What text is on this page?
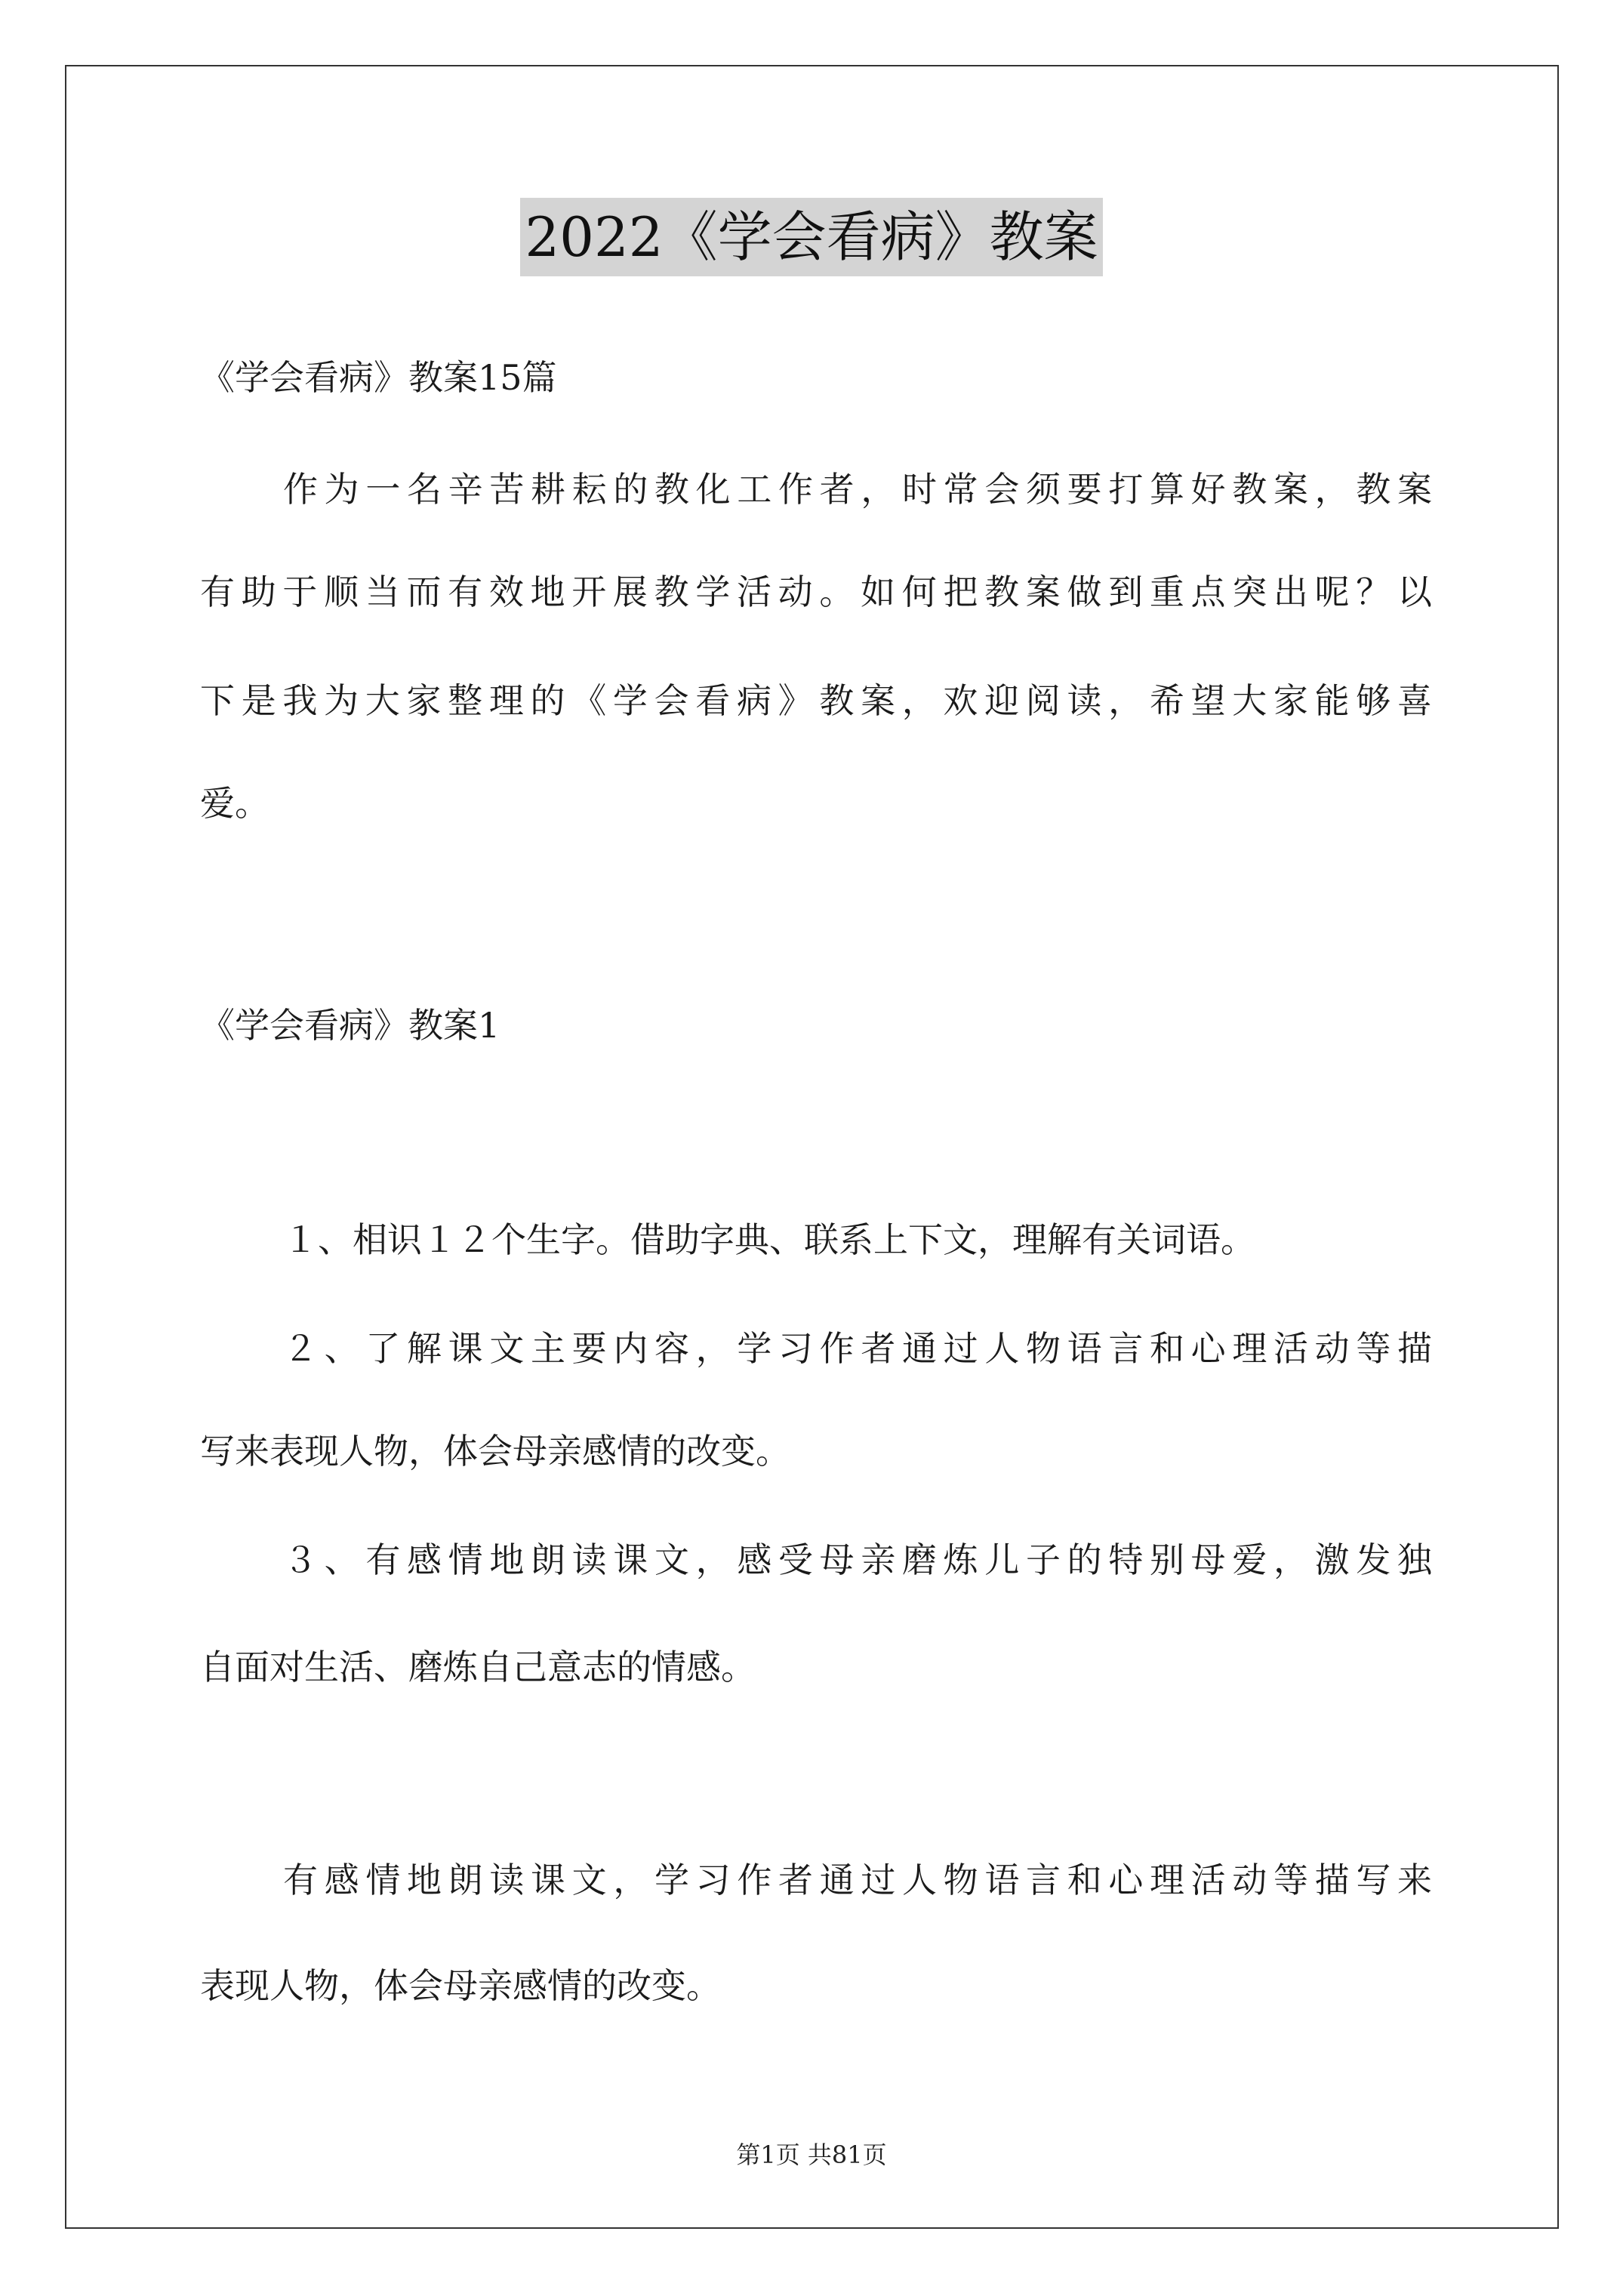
2022《学会看病》教案
《学会看病》教案15篇
作为一名辛苦耕耘的教化工作者，时常会须要打算好教案，教案
有助于顺当而有效地开展教学活动。如何把教案做到重点突出呢？以
下是我为大家整理的《学会看病》教案，欢迎阅读，希望大家能够喜
爱。
《学会看病》教案1
１、相识１２个生字。借助字典、联系上下文，理解有关词语。
２、了解课文主要内容，学习作者通过人物语言和心理活动等描
写来表现人物，体会母亲感情的改变。
３、有感情地朗读课文，感受母亲磨炼儿子的特别母爱，激发独
自面对生活、磨炼自己意志的情感。
有感情地朗读课文，学习作者通过人物语言和心理活动等描写来
表现人物，体会母亲感情的改变。
第1页 共81页
